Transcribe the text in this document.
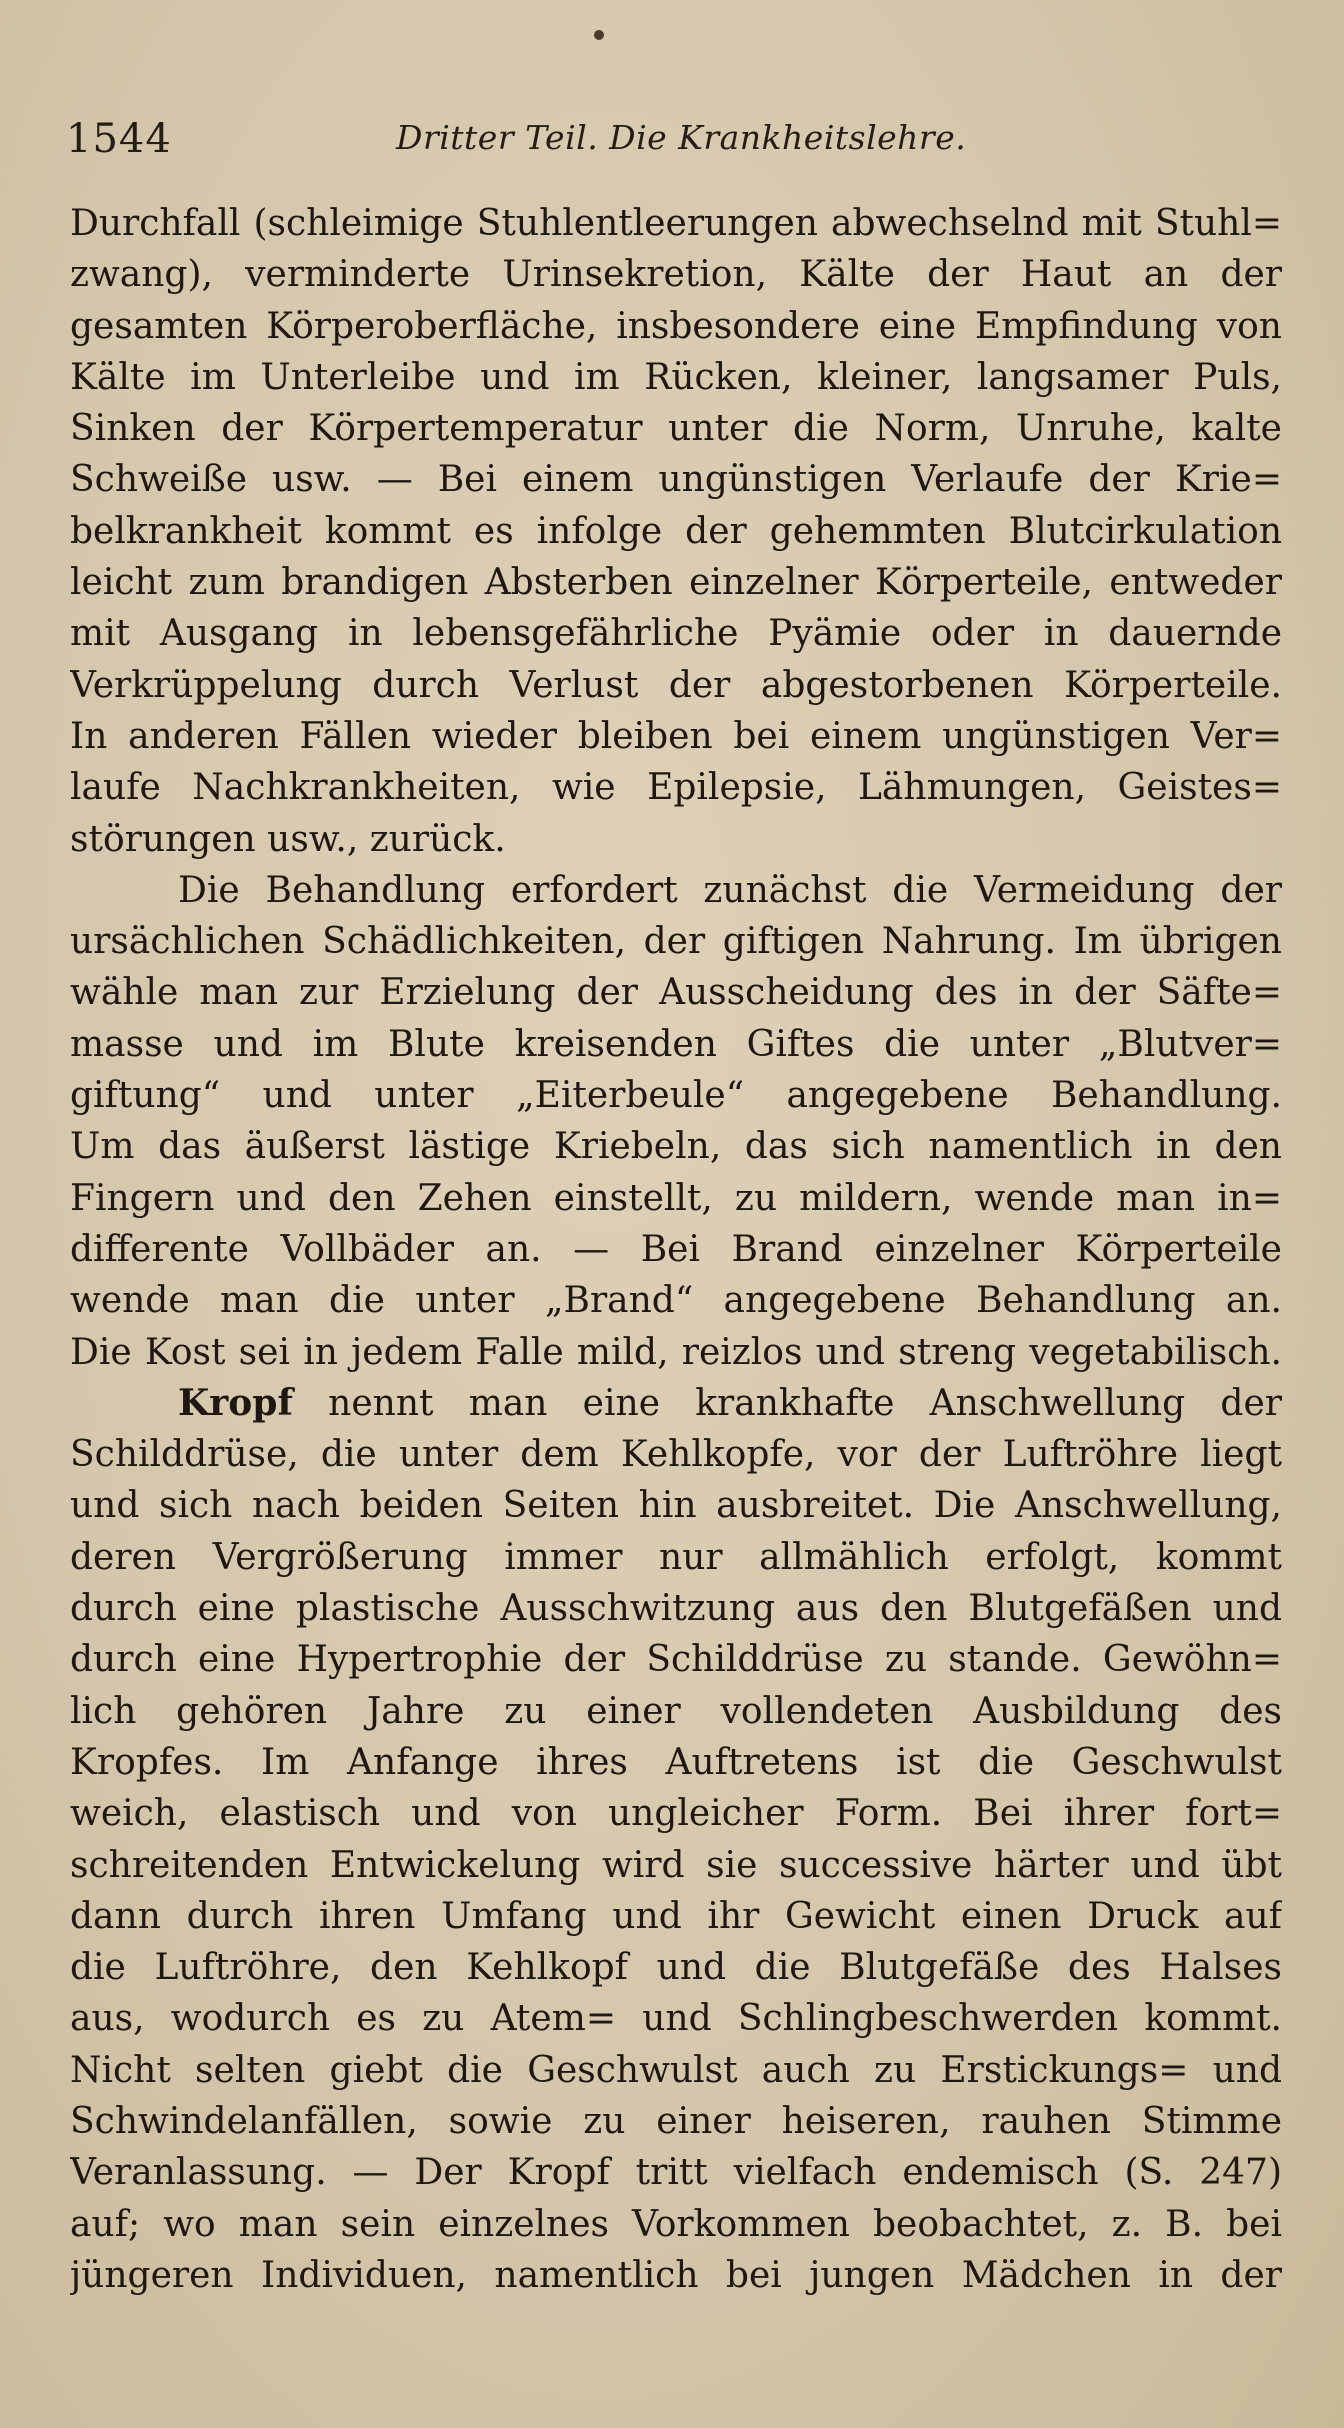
1544	Dritter Teil. Die Krankheitslehre.
Durchfall (schleimige Stuhlentleerungen abwechselnd mit Stuhl=
zwang), verminderte Urinsekretion, Kälte der Haut an der
gesamten Körperoberfläche, insbesondere eine Empfindung von
Kälte im Unterleibe und im Rücken, kleiner, langsamer Puls,
Sinken der Körpertemperatur unter die Norm, Unruhe, kalte
Schweiße usw. — Bei einem ungünstigen Verlaufe der Krie=
belkrankheit kommt es infolge der gehemmten Blutcirkulation
leicht zum brandigen Absterben einzelner Körperteile, entweder
mit Ausgang in lebensgefährliche Pyämie oder in dauernde
Verkrüppelung durch Verlust der abgestorbenen Körperteile.
In anderen Fällen wieder bleiben bei einem ungünstigen Ver=
laufe Nachkrankheiten, wie Epilepsie, Lähmungen, Geistes=
störungen usw., zurück.
Die Behandlung erfordert zunächst die Vermeidung der
ursächlichen Schädlichkeiten, der giftigen Nahrung. Im übrigen
wähle man zur Erzielung der Ausscheidung des in der Säfte=
masse und im Blute kreisenden Giftes die unter „Blutver=
giftung“ und unter „Eiterbeule“ angegebene Behandlung.
Um das äußerst lästige Kriebeln, das sich namentlich in den
Fingern und den Zehen einstellt, zu mildern, wende man in=
differente Vollbäder an. — Bei Brand einzelner Körperteile
wende man die unter „Brand“ angegebene Behandlung an.
Die Kost sei in jedem Falle mild, reizlos und streng vegetabilisch.
Kropf nennt man eine krankhafte Anschwellung der
Schilddrüse, die unter dem Kehlkopfe, vor der Luftröhre liegt
und sich nach beiden Seiten hin ausbreitet. Die Anschwellung,
deren Vergrößerung immer nur allmählich erfolgt, kommt
durch eine plastische Ausschwitzung aus den Blutgefäßen und
durch eine Hypertrophie der Schilddrüse zu stande. Gewöhn=
lich gehören Jahre zu einer vollendeten Ausbildung des
Kropfes. Im Anfange ihres Auftretens ist die Geschwulst
weich, elastisch und von ungleicher Form. Bei ihrer fort=
schreitenden Entwickelung wird sie successive härter und übt
dann durch ihren Umfang und ihr Gewicht einen Druck auf
die Luftröhre, den Kehlkopf und die Blutgefäße des Halses
aus, wodurch es zu Atem= und Schlingbeschwerden kommt.
Nicht selten giebt die Geschwulst auch zu Erstickungs= und
Schwindelanfällen, sowie zu einer heiseren, rauhen Stimme
Veranlassung. — Der Kropf tritt vielfach endemisch (S. 247)
auf; wo man sein einzelnes Vorkommen beobachtet, z. B. bei
jüngeren Individuen, namentlich bei jungen Mädchen in der
